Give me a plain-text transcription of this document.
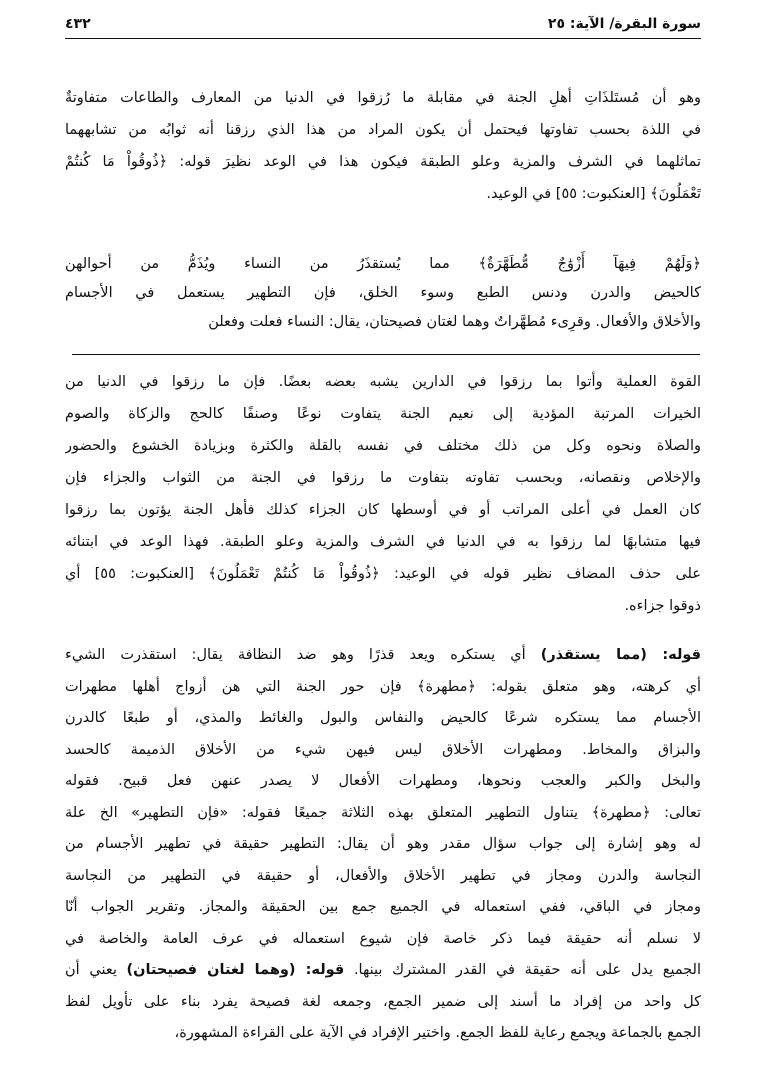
سورة البقرة/ الآية: ٢٥
٤٣٢
وهو أن مُستَلذَاتِ أهلِ الجنة في مقابلة ما رُزقوا في الدنيا من المعارف والطاعات متفاوتةٌ
في اللذة بحسب تفاوتها فيحتمل أن يكون المراد من هذا الذي رزقنا أنه ثوابُه من تشابههما
تماثلهما في الشرف والمزية وعلو الطبقة فيكون هذا في الوعد نظيرَ قوله: ﴿ذُوقُواْ مَا كُنتُمْ
تَعْمَلُونَ﴾ [العنكبوت: ٥٥] في الوعيد.
﴿وَلَهُمْ فِيهَآ أَزْوَٰجٌ مُّطَهَّرَةٌ﴾ مما يُستقذَرُ من النساء ويُذَمُّ من أحوالهن
كالحيض والدرن ودنس الطبع وسوء الخلق، فإن التطهير يستعمل في الأجسام
والأخلاق والأفعال. وقرِىء مُطهَّراتٌ وهما لغتان فصيحتان، يقال: النساء فعلت وفعلن
القوة العملية وأتوا بما رزقوا في الدارين يشبه بعضه بعضًا. فإن ما رزقوا في الدنيا من
الخيرات المرتبة المؤدية إلى نعيم الجنة يتفاوت نوعًا وصنفًا كالحج والزكاة والصوم
والصلاة ونحوه وكل من ذلك مختلف في نفسه بالقلة والكثرة وبزيادة الخشوع والحضور
والإخلاص ونقصانه، وبحسب تفاوته بتفاوت ما رزقوا في الجنة من الثواب والجزاء فإن
كان العمل في أعلى المراتب أو في أوسطها كان الجزاء كذلك فأهل الجنة يؤتون بما رزقوا
فيها متشابهًا لما رزقوا به في الدنيا في الشرف والمزية وعلو الطبقة. فهذا الوعد في ابتنائه
على حذف المضاف نظير قوله في الوعيد: ﴿ذُوقُواْ مَا كُنتُمْ تَعْمَلُونَ﴾ [العنكبوت: ٥٥] أي
ذوقوا جزاءه.
قوله: (مما يستقذر) أي يستكره ويعد قذرًا وهو ضد النظافة يقال: استقذرت الشيء
أي كرهته، وهو متعلق بقوله: ﴿مطهرة﴾ فإن حور الجنة التي هن أزواج أهلها مطهرات
الأجسام مما يستكره شرعًا كالحيض والنفاس والبول والغائط والمذي، أو طبعًا كالدرن
والبزاق والمخاط. ومطهرات الأخلاق ليس فيهن شيء من الأخلاق الذميمة كالحسد
والبخل والكبر والعجب ونحوها، ومطهرات الأفعال لا يصدر عنهن فعل قبيح. فقوله
تعالى: ﴿مطهرة﴾ يتناول التطهير المتعلق بهذه الثلاثة جميعًا فقوله: «فإن التطهير» الخ علة
له وهو إشارة إلى جواب سؤال مقدر وهو أن يقال: التطهير حقيقة في تطهير الأجسام من
النجاسة والدرن ومجاز في تطهير الأخلاق والأفعال، أو حقيقة في التطهير من النجاسة
ومجاز في الباقي، ففي استعماله في الجميع جمع بين الحقيقة والمجاز. وتقرير الجواب أنّا
لا نسلم أنه حقيقة فيما ذكر خاصة فإن شيوع استعماله في عرف العامة والخاصة في
الجميع يدل على أنه حقيقة في القدر المشترك بينها. قوله: (وهما لغتان فصيحتان) يعني أن
كل واحد من إفراد ما أسند إلى ضمير الجمع، وجمعه لغة فصيحة يفرد بناء على تأويل لفظ
الجمع بالجماعة ويجمع رعاية للفظ الجمع. واختير الإفراد في الآية على القراءة المشهورة،
